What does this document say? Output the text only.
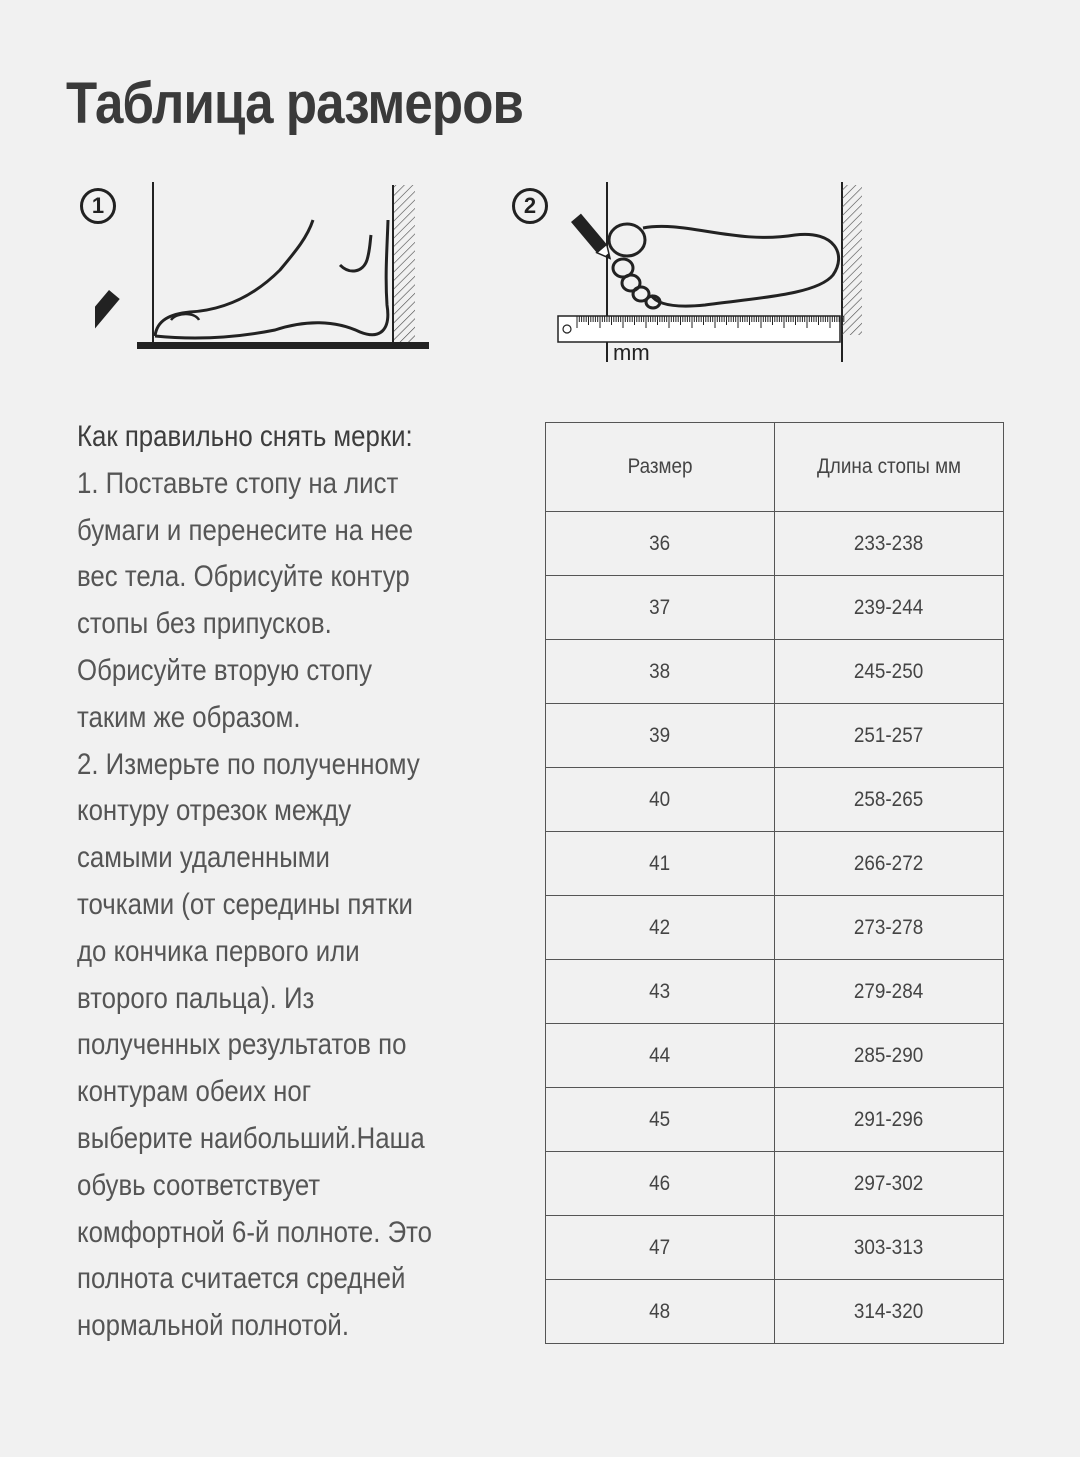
Таблица размеров
1	2
mm
Как правильно снять мерки:
1. Поставьте стопу на лист
бумаги и перенесите на нее
вес тела. Обрисуйте контур
стопы без припусков.
Обрисуйте вторую стопу
таким же образом.
2. Измерьте по полученному
контуру отрезок между
самыми удаленными
точками (от середины пятки
до кончика первого или
второго пальца). Из
полученных результатов по
контурам обеих ног
выберите наибольший.Наша
обувь соответствует
комфортной 6-й полноте. Это
полнота считается средней
нормальной полнотой.
Размер	Длина стопы мм
36	233-238
37	239-244
38	245-250
39	251-257
40	258-265
41	266-272
42	273-278
43	279-284
44	285-290
45	291-296
46	297-302
47	303-313
48	314-320
